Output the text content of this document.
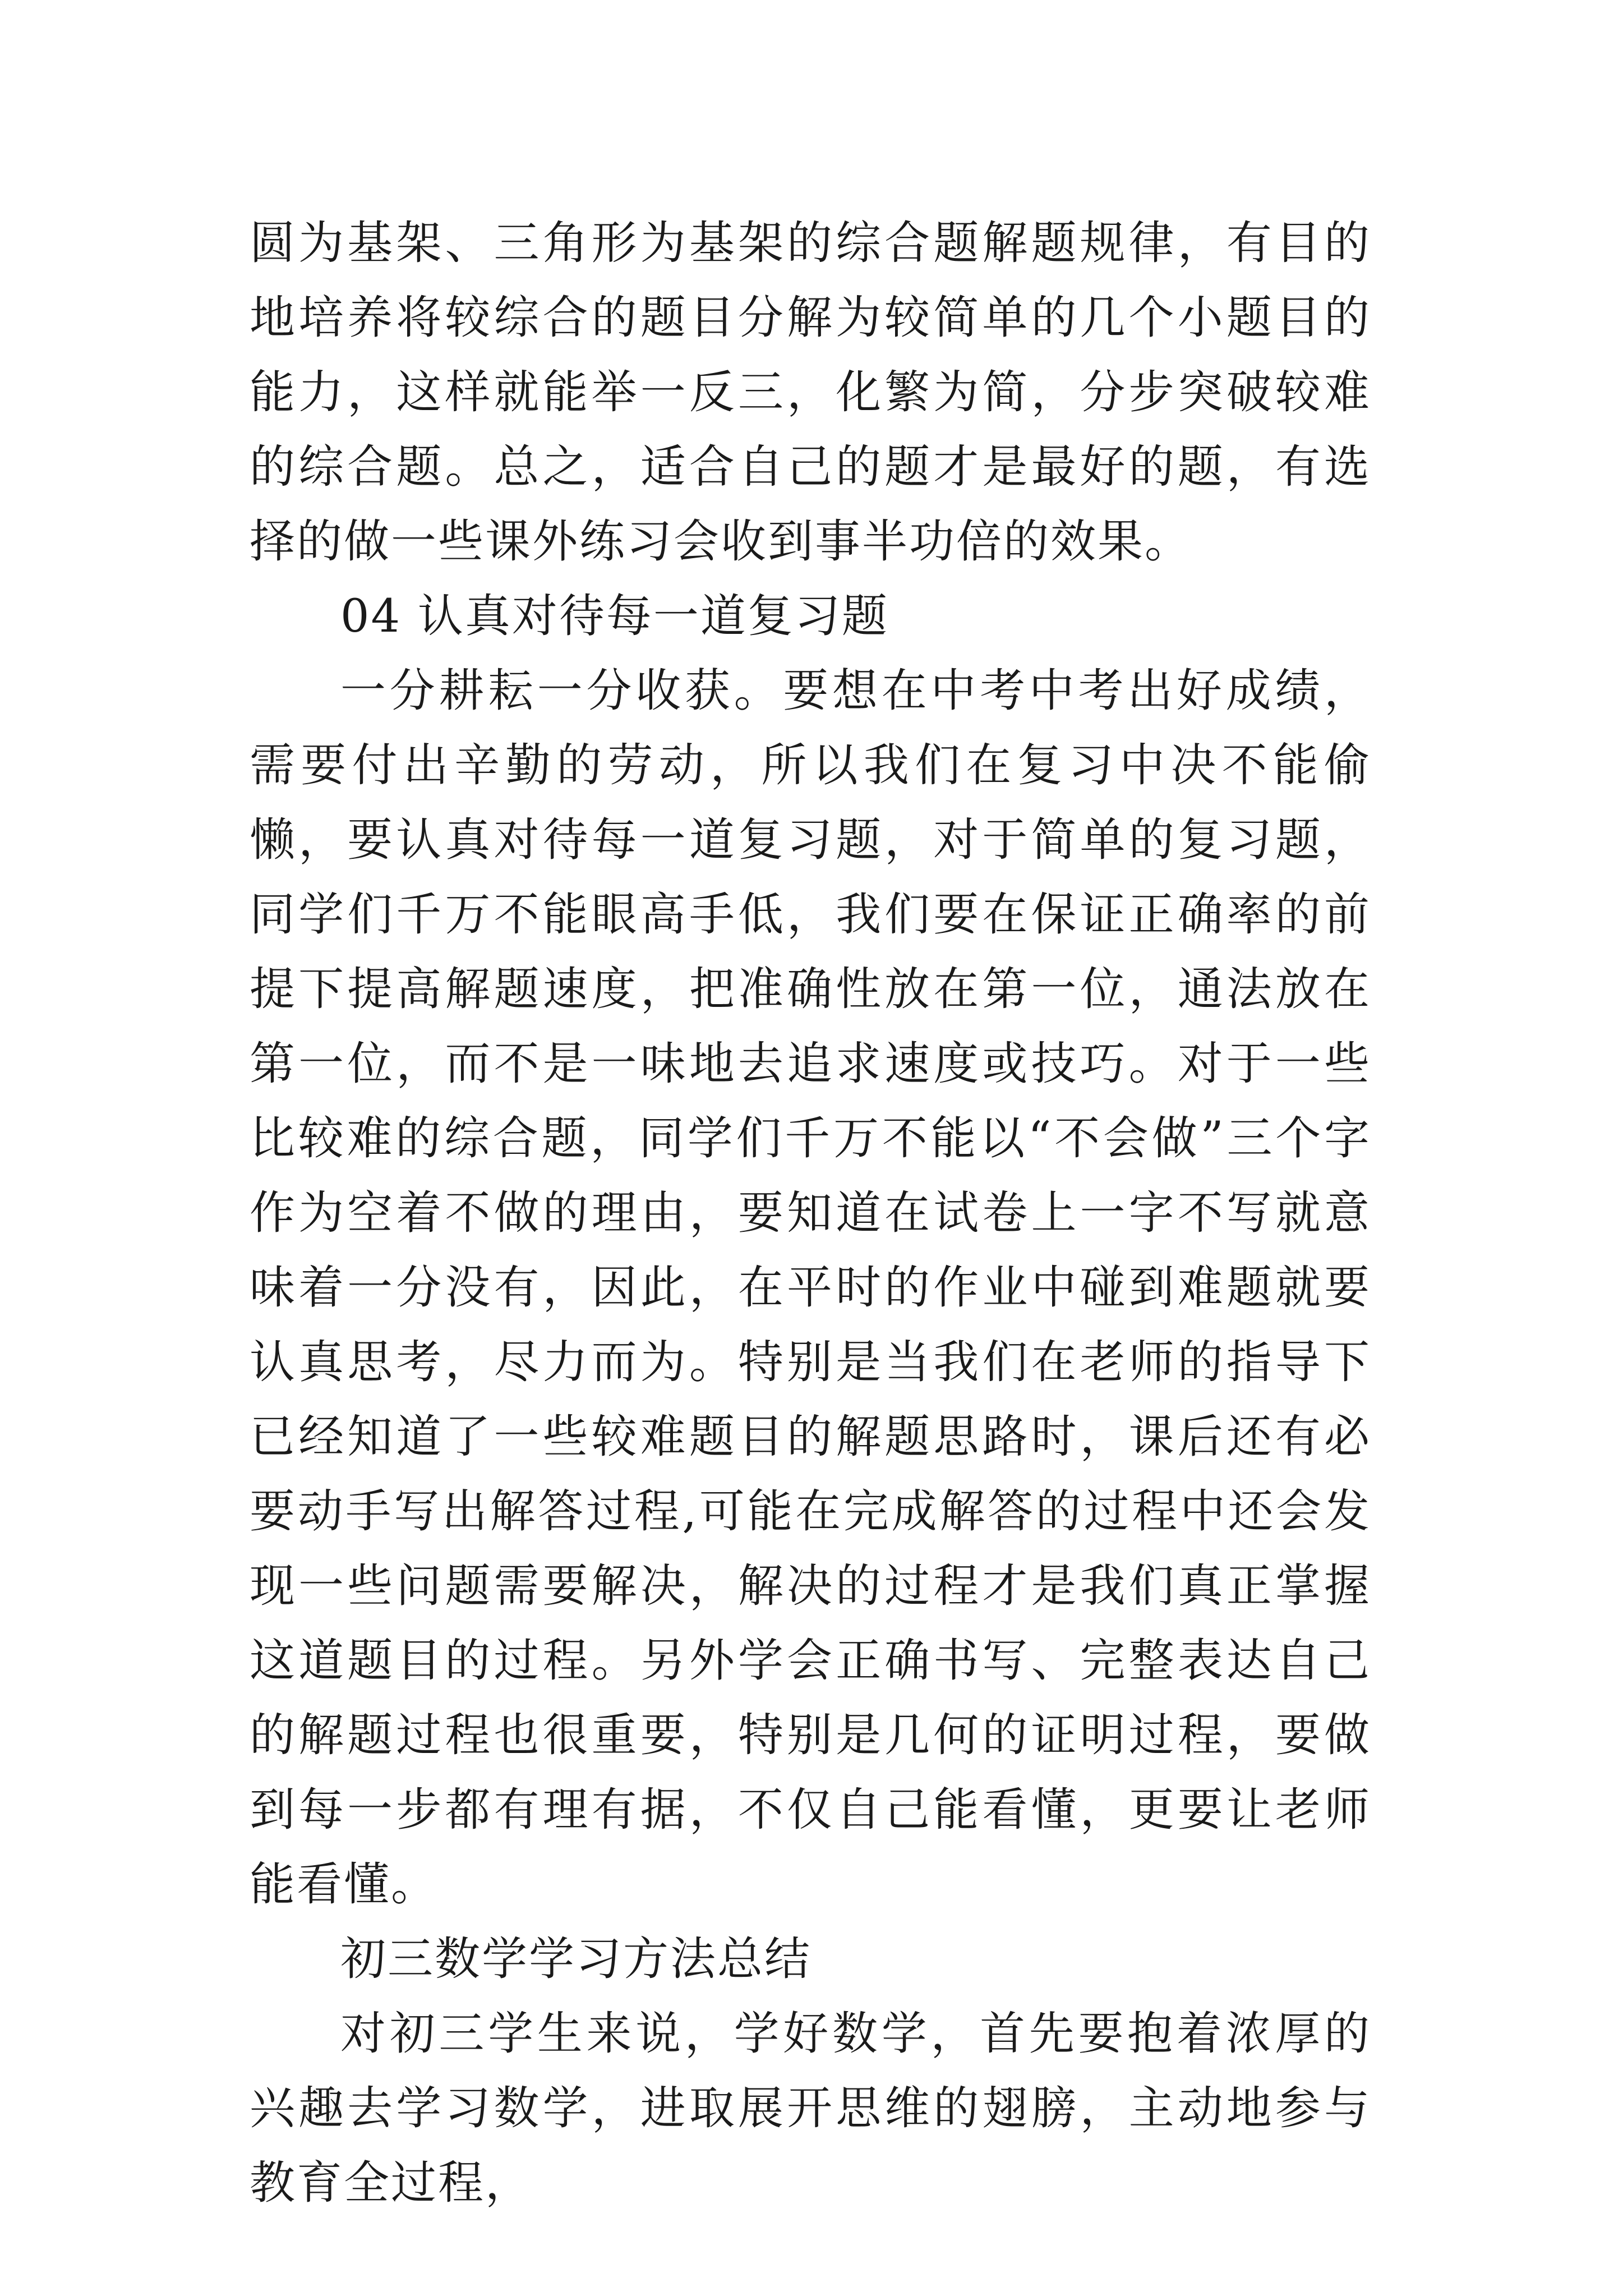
圆为基架、三角形为基架的综合题解题规律，有目的地培养将较综合的题目分解为较简单的几个小题目的能力，这样就能举一反三，化繁为简，分步突破较难的综合题。总之，适合自己的题才是最好的题，有选择的做一些课外练习会收到事半功倍的效果。

04 认真对待每一道复习题

一分耕耘一分收获。要想在中考中考出好成绩，需要付出辛勤的劳动，所以我们在复习中决不能偷懒，要认真对待每一道复习题，对于简单的复习题，同学们千万不能眼高手低，我们要在保证正确率的前提下提高解题速度，把准确性放在第一位，通法放在第一位，而不是一味地去追求速度或技巧。对于一些比较难的综合题，同学们千万不能以“不会做”三个字作为空着不做的理由，要知道在试卷上一字不写就意味着一分没有，因此，在平时的作业中碰到难题就要认真思考，尽力而为。特别是当我们在老师的指导下已经知道了一些较难题目的解题思路时，课后还有必要动手写出解答过程,可能在完成解答的过程中还会发现一些问题需要解决，解决的过程才是我们真正掌握这道题目的过程。另外学会正确书写、完整表达自己的解题过程也很重要，特别是几何的证明过程，要做到每一步都有理有据，不仅自己能看懂，更要让老师能看懂。

初三数学学习方法总结

对初三学生来说，学好数学，首先要抱着浓厚的兴趣去学习数学，进取展开思维的翅膀，主动地参与教育全过程，
